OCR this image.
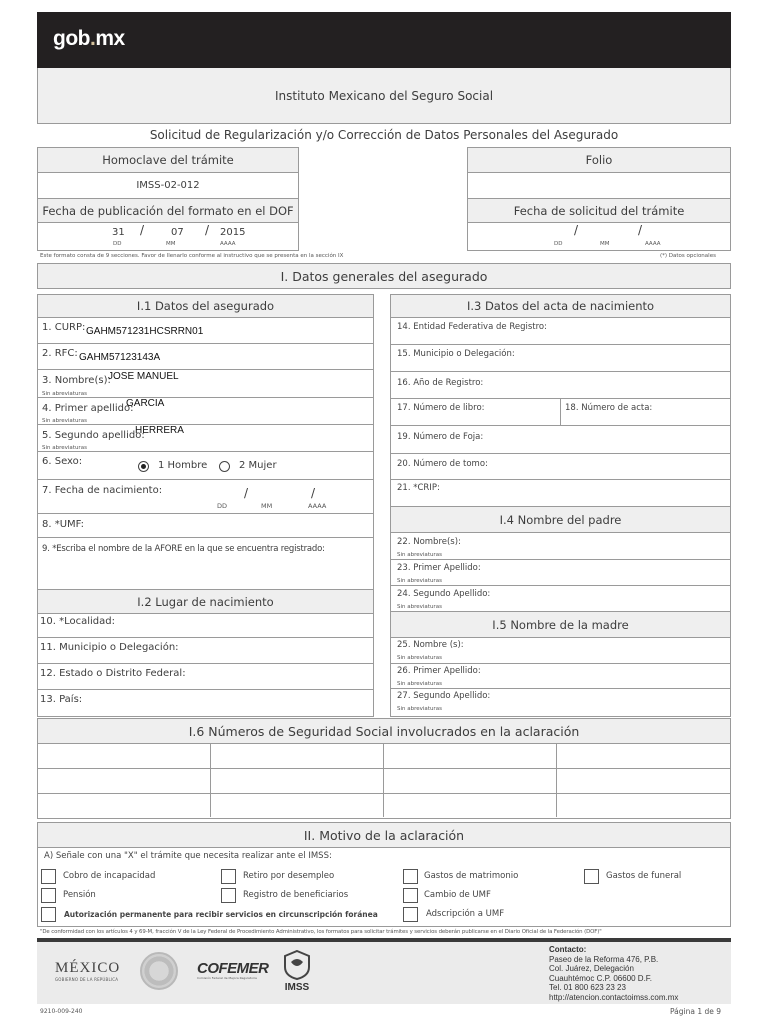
gob.mx
Instituto Mexicano del Seguro Social
Solicitud de Regularización y/o Corrección de Datos Personales del Asegurado
Homoclave del trámite
IMSS-02-012
Fecha de publicación del formato en el DOF
31 /	07 / 2015
DD	MM	AAAA
Folio
Fecha de solicitud del trámite
/	/
DD	MM	AAAA
Este formato consta de 9 secciones. Favor de llenarlo conforme al instructivo que se presenta en la sección IX	(*) Datos opcionales
I. Datos generales del asegurado
I.1 Datos del asegurado
1. CURP: GAHM571231HCSRRN01
2. RFC: GAHM57123143A
3. Nombre(s):
JOSE MANUEL
Sin abreviaturas
4. Primer apellido:
GARCIA
Sin abreviaturas
5. Segundo apellido:
HERRERA
Sin abreviaturas
6. Sexo:	1 Hombre	2 Mujer
7. Fecha de nacimiento:	/	/
DD	MM	AAAA
8. *UMF:
9. *Escriba el nombre de la AFORE en la que se encuentra registrado:
I.2 Lugar de nacimiento
10. *Localidad:
11. Municipio o Delegación:
12. Estado o Distrito Federal:
13. País:
I.3 Datos del acta de nacimiento
14. Entidad Federativa de Registro:
15. Municipio o Delegación:
16. Año de Registro:
17. Número de libro:	18. Número de acta:
19. Número de Foja:
20. Número de tomo:
21. *CRIP:
I.4 Nombre del padre
22. Nombre(s):
Sin abreviaturas
23. Primer Apellido:
Sin abreviaturas
24. Segundo Apellido:
Sin abreviaturas
I.5 Nombre de la madre
25. Nombre (s):
Sin abreviaturas
26. Primer Apellido:
Sin abreviaturas
27. Segundo Apellido:
Sin abreviaturas
I.6 Números de Seguridad Social involucrados en la aclaración
II. Motivo de la aclaración
A) Señale con una "X" el trámite que necesita realizar ante el IMSS:
Cobro de incapacidad	Retiro por desempleo	Gastos de matrimonio	Gastos de funeral
Pensión	Registro de beneficiarios	Cambio de UMF
Autorización permanente para recibir servicios en circunscripción foránea	Adscripción a UMF
"De conformidad con los artículos 4 y 69-M, fracción V de la Ley Federal de Procedimiento Administrativo, los formatos para solicitar trámites y servicios deberán publicarse en el Diario Oficial de la Federación (DOF)"
MÉXICO
GOBIERNO DE LA REPÚBLICA
COFEMER
Comisión Federal de Mejora Regulatoria
IMSS
Contacto:
Paseo de la Reforma 476, P.B.
Col. Juárez, Delegación
Cuauhtémoc C.P. 06600 D.F.
Tel. 01 800 623 23 23
http://atencion.contactoimss.com.mx
9210-009-240	Página 1 de 9
